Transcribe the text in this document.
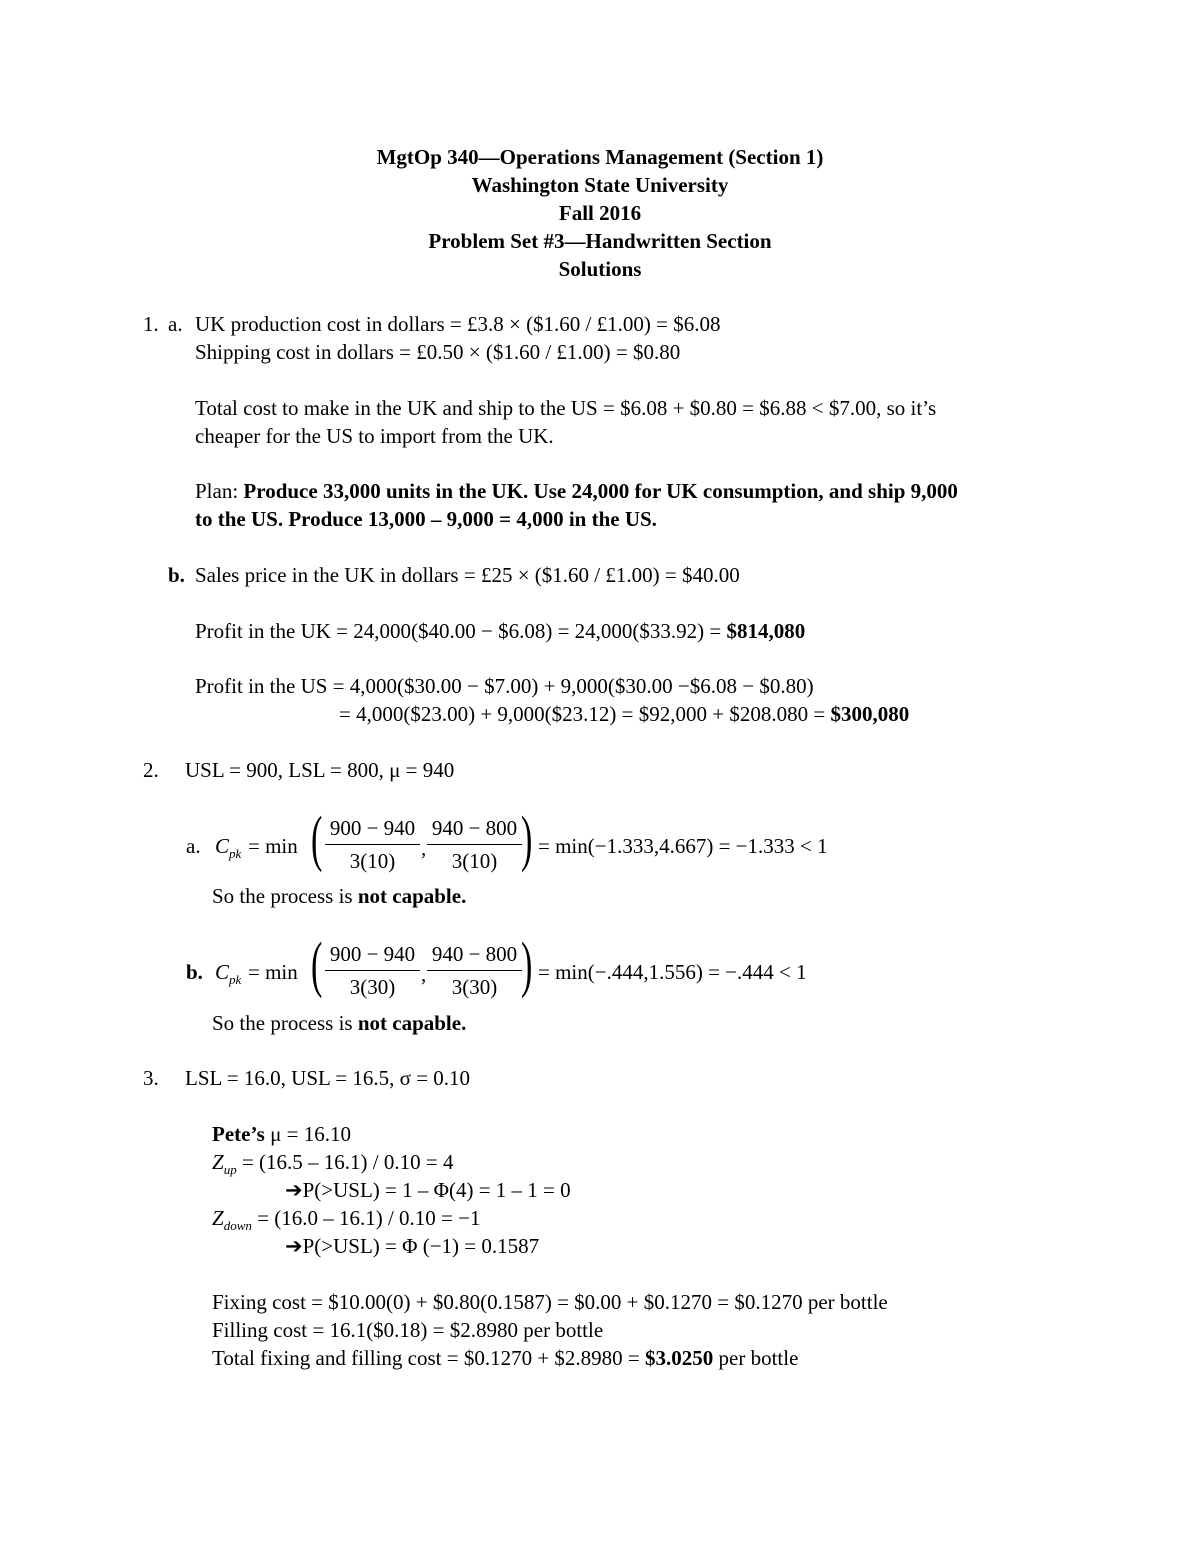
MgtOp 340—Operations Management (Section 1)
Washington State University
Fall 2016
Problem Set #3—Handwritten Section
Solutions
1. a. UK production cost in dollars = £3.8 × ($1.60 / £1.00) = $6.08
Shipping cost in dollars = £0.50 × ($1.60 / £1.00) = $0.80
Total cost to make in the UK and ship to the US = $6.08 + $0.80 = $6.88 < $7.00, so it’s
cheaper for the US to import from the UK.
Plan: Produce 33,000 units in the UK. Use 24,000 for UK consumption, and ship 9,000
to the US. Produce 13,000 – 9,000 = 4,000 in the US.
b. Sales price in the UK in dollars = £25 × ($1.60 / £1.00) = $40.00
Profit in the UK = 24,000($40.00 − $6.08) = 24,000($33.92) = $814,080
Profit in the US = 4,000($30.00 − $7.00) + 9,000($30.00 −$6.08 − $0.80)
= 4,000($23.00) + 9,000($23.12) = $92,000 + $208.080 = $300,080
2. USL = 900, LSL = 800, μ = 940
a. $C_{pk} = \min$ ( 900 − 940
3(10)
,
940 − 800
3(10) ) = min(−1.333,4.667) = −1.333 < 1
So the process is not capable.
b. $C_{pk} = \min$ ( 900 − 940
3(30)
,
940 − 800
3(30) ) = min(−.444,1.556) = −.444 < 1
So the process is not capable.
3. LSL = 16.0, USL = 16.5, σ = 0.10
Pete’s μ = 16.10
$Z_{up} = (16.5 - 16.1) / 0.10 = 4$
➔P(>USL) = 1 – Φ(4) = 1 – 1 = 0
$Z_{down} = (16.0 - 16.1) / 0.10 = -1$
➔P(>USL) = Φ (−1) = 0.1587
Fixing cost = $10.00(0) + $0.80(0.1587) = $0.00 + $0.1270 = $0.1270 per bottle
Filling cost = 16.1($0.18) = $2.8980 per bottle
Total fixing and filling cost = $0.1270 + $2.8980 = $3.0250 per bottle
